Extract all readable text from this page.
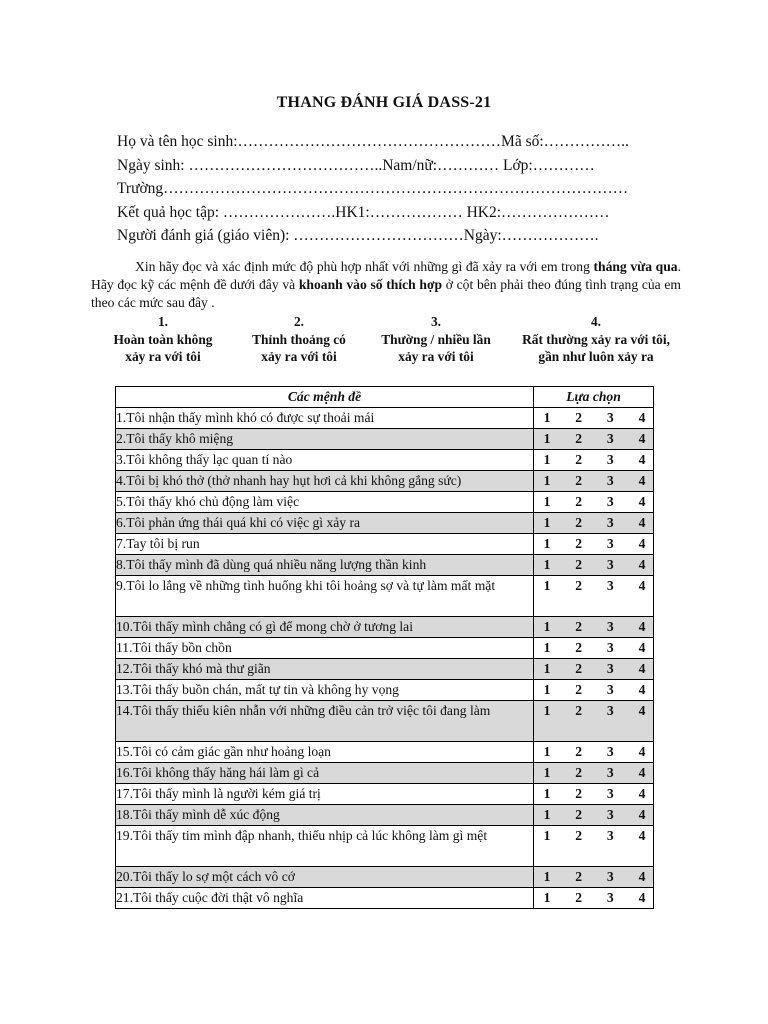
THANG ĐÁNH GIÁ DASS-21
Họ và tên học sinh:……………………………………………Mã số:……………..
Ngày sinh: ………………………………..Nam/nữ:………… Lớp:…………
Trường………………………………………………………………………………
Kết quả học tập: ………………….HK1:……………… HK2:…………………
Người đánh giá (giáo viên): ……………………………Ngày:……………….
Xin hãy đọc và xác định mức độ phù hợp nhất với những gì đã xảy ra với em trong tháng vừa qua. Hãy đọc kỹ các mệnh đề dưới đây và khoanh vào số thích hợp ở cột bên phải theo đúng tình trạng của em theo các mức sau đây .
1.
Hoàn toàn không
xảy ra với tôi
2.
Thỉnh thoảng có
xảy ra với tôi
3.
Thường / nhiều lần
xảy ra với tôi
4.
Rất thường xảy ra với tôi,
gần như luôn xảy ra
Các mệnh đề	Lựa chọn
1.Tôi nhận thấy mình khó có được sự thoải mái	1 2 3 4

2.Tôi thấy khô miệng	1 2 3 4

3.Tôi không thấy lạc quan tí nào	1 2 3 4

4.Tôi bị khó thở (thở nhanh hay hụt hơi cả khi không gắng sức)	1 2 3 4

5.Tôi thấy khó chủ động làm việc	1 2 3 4

6.Tôi phản ứng thái quá khi có việc gì xảy ra	1 2 3 4

7.Tay tôi bị run	1 2 3 4

8.Tôi thấy mình đã dùng quá nhiều năng lượng thần kinh	1 2 3 4

9.Tôi lo lắng về những tình huống khi tôi hoảng sợ và tự làm mất mặt	1 2 3 4

10.Tôi thấy mình chẳng có gì để mong chờ ở tương lai	1 2 3 4

11.Tôi thấy bồn chồn	1 2 3 4

12.Tôi thấy khó mà thư giãn	1 2 3 4

13.Tôi thấy buồn chán, mất tự tin và không hy vọng	1 2 3 4

14.Tôi thấy thiếu kiên nhẫn với những điều cản trở việc tôi đang làm	1 2 3 4

15.Tôi có cảm giác gần như hoảng loạn	1 2 3 4

16.Tôi không thấy hăng hái làm gì cả	1 2 3 4

17.Tôi thấy mình là người kém giá trị	1 2 3 4

18.Tôi thấy mình dễ xúc động	1 2 3 4

19.Tôi thấy tim mình đập nhanh, thiếu nhịp cả lúc không làm gì mệt	1 2 3 4

20.Tôi thấy lo sợ một cách vô cớ	1 2 3 4

21.Tôi thấy cuộc đời thật vô nghĩa	1 2 3 4
